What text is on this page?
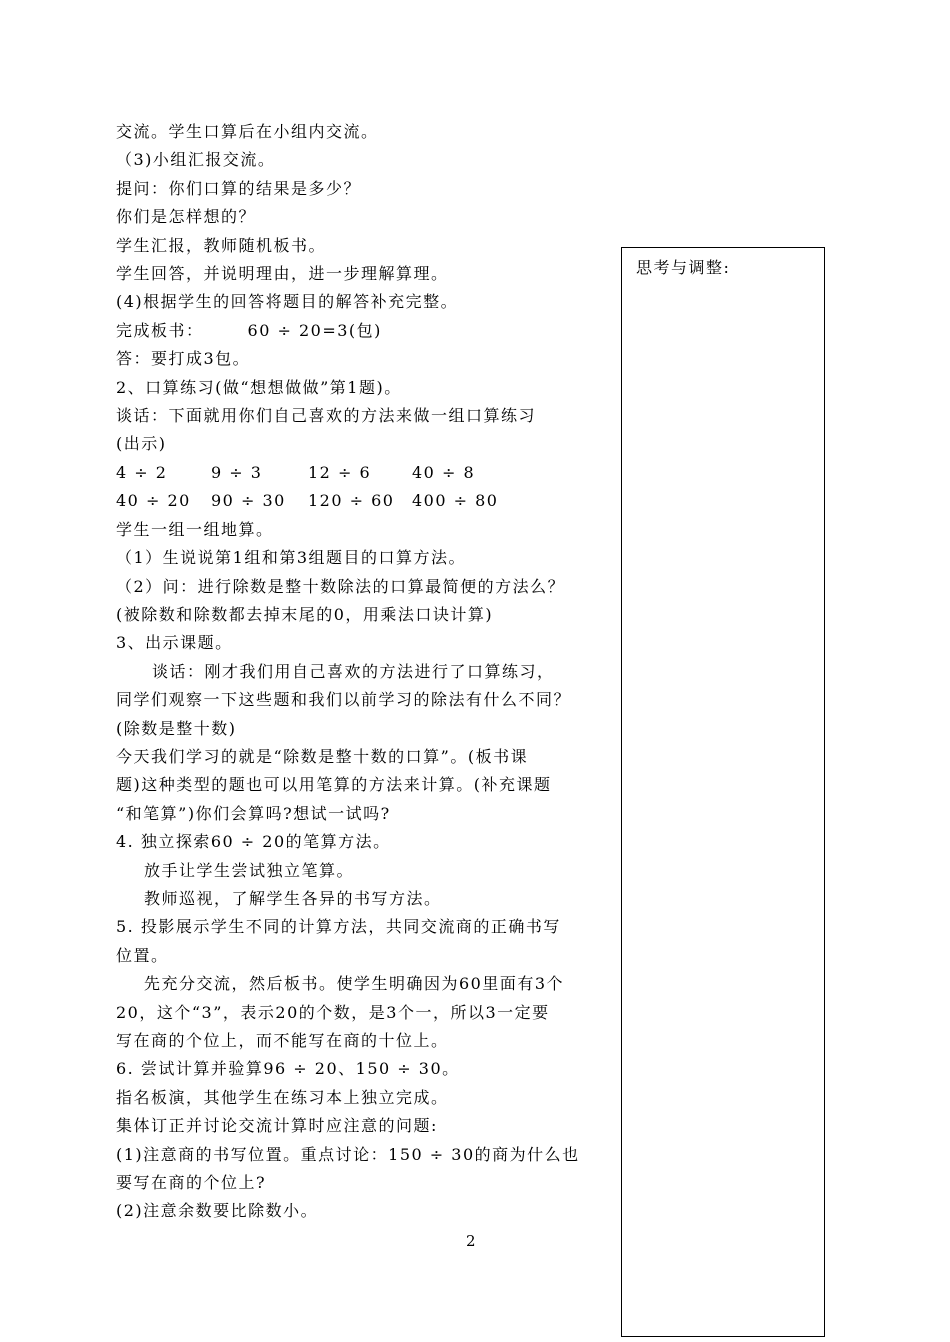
交流。学生口算后在小组内交流。

（3)小组汇报交流。

提问：你们口算的结果是多少？

你们是怎样想的？

学生汇报，教师随机板书。

学生回答，并说明理由，进一步理解算理。

(4)根据学生的回答将题目的解答补充完整。

完成板书：	60 ÷ 20=3(包)

答：要打成3包。

2、口算练习(做“想想做做”第1题)。

谈话：下面就用你们自己喜欢的方法来做一组口算练习

(出示)

4 ÷ 2	9 ÷ 3	12 ÷ 6	40 ÷ 8
40 ÷ 20	90 ÷ 30	120 ÷ 60	400 ÷ 80

学生一组一组地算。

（1）生说说第1组和第3组题目的口算方法。

（2）问：进行除数是整十数除法的口算最简便的方法么？

(被除数和除数都去掉末尾的0，用乘法口诀计算)

3、出示课题。

谈话：刚才我们用自己喜欢的方法进行了口算练习，

同学们观察一下这些题和我们以前学习的除法有什么不同？

(除数是整十数)

今天我们学习的就是“除数是整十数的口算”。(板书课

题)这种类型的题也可以用笔算的方法来计算。(补充课题

“和笔算”)你们会算吗?想试一试吗?

4. 独立探索60 ÷ 20的笔算方法。

放手让学生尝试独立笔算。

教师巡视，了解学生各异的书写方法。

5. 投影展示学生不同的计算方法，共同交流商的正确书写

位置。

先充分交流，然后板书。使学生明确因为60里面有3个

20，这个“3”，表示20的个数，是3个一，所以3一定要

写在商的个位上，而不能写在商的十位上。

6. 尝试计算并验算96 ÷ 20、150 ÷ 30。

指名板演，其他学生在练习本上独立完成。

集体订正并讨论交流计算时应注意的问题:

(1)注意商的书写位置。重点讨论：150 ÷ 30的商为什么也

要写在商的个位上?

(2)注意余数要比除数小。

思考与调整:
2
